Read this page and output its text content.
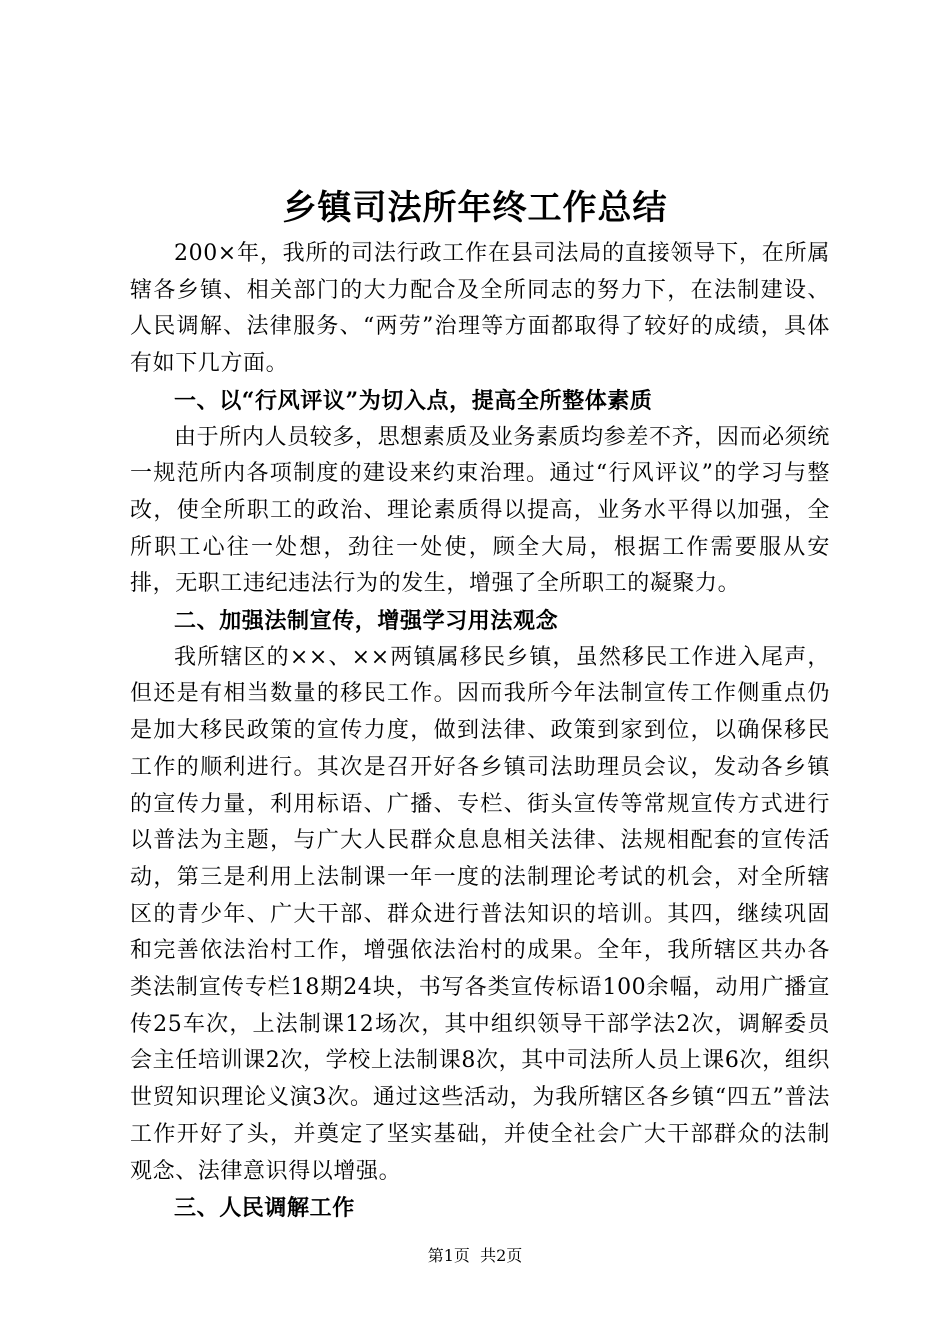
乡镇司法所年终工作总结

200×年，我所的司法行政工作在县司法局的直接领导下，在所属辖各乡镇、相关部门的大力配合及全所同志的努力下，在法制建设、人民调解、法律服务、“两劳”治理等方面都取得了较好的成绩，具体有如下几方面。

一、以“行风评议”为切入点，提高全所整体素质

由于所内人员较多，思想素质及业务素质均参差不齐，因而必须统一规范所内各项制度的建设来约束治理。通过“行风评议”的学习与整改，使全所职工的政治、理论素质得以提高，业务水平得以加强，全所职工心往一处想，劲往一处使，顾全大局，根据工作需要服从安排，无职工违纪违法行为的发生，增强了全所职工的凝聚力。

二、加强法制宣传，增强学习用法观念

我所辖区的××、××两镇属移民乡镇，虽然移民工作进入尾声，但还是有相当数量的移民工作。因而我所今年法制宣传工作侧重点仍是加大移民政策的宣传力度，做到法律、政策到家到位，以确保移民工作的顺利进行。其次是召开好各乡镇司法助理员会议，发动各乡镇的宣传力量，利用标语、广播、专栏、街头宣传等常规宣传方式进行以普法为主题，与广大人民群众息息相关法律、法规相配套的宣传活动，第三是利用上法制课一年一度的法制理论考试的机会，对全所辖区的青少年、广大干部、群众进行普法知识的培训。其四，继续巩固和完善依法治村工作，增强依法治村的成果。全年，我所辖区共办各类法制宣传专栏18期24块，书写各类宣传标语100余幅，动用广播宣传25车次，上法制课12场次，其中组织领导干部学法2次，调解委员会主任培训课2次，学校上法制课8次，其中司法所人员上课6次，组织世贸知识理论义演3次。通过这些活动，为我所辖区各乡镇“四五”普法工作开好了头，并奠定了坚实基础，并使全社会广大干部群众的法制观念、法律意识得以增强。

三、人民调解工作

第1页 共2页
